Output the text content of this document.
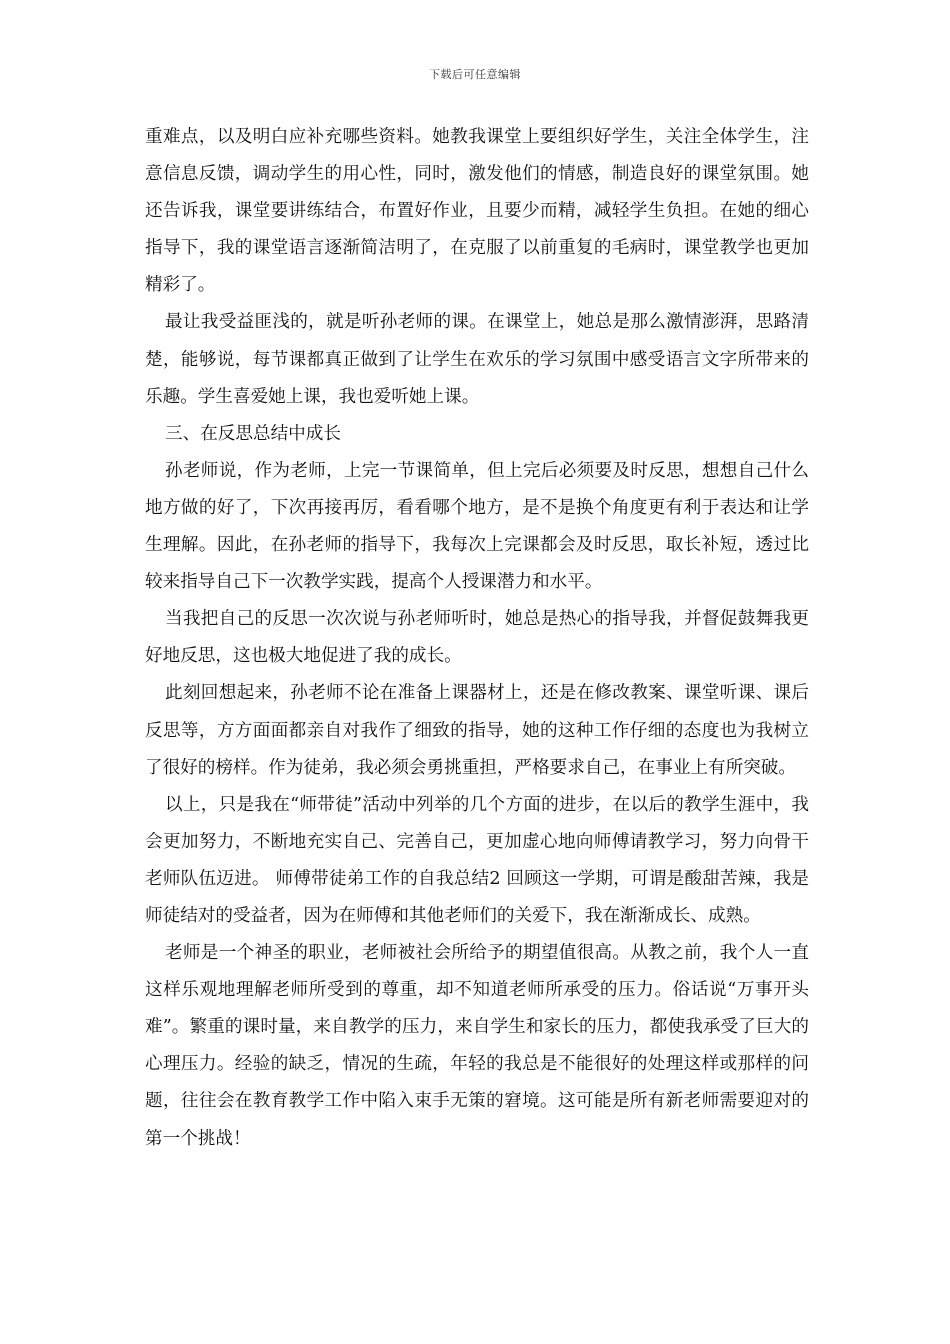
下载后可任意编辑

重难点，以及明白应补充哪些资料。她教我课堂上要组织好学生，关注全体学生，注意信息反馈，调动学生的用心性，同时，激发他们的情感，制造良好的课堂氛围。她还告诉我，课堂要讲练结合，布置好作业，且要少而精，减轻学生负担。在她的细心指导下，我的课堂语言逐渐简洁明了，在克服了以前重复的毛病时，课堂教学也更加精彩了。

最让我受益匪浅的，就是听孙老师的课。在课堂上，她总是那么激情澎湃，思路清楚，能够说，每节课都真正做到了让学生在欢乐的学习氛围中感受语言文字所带来的乐趣。学生喜爱她上课，我也爱听她上课。

三、在反思总结中成长

孙老师说，作为老师，上完一节课简单，但上完后必须要及时反思，想想自己什么地方做的好了，下次再接再厉，看看哪个地方，是不是换个角度更有利于表达和让学生理解。因此，在孙老师的指导下，我每次上完课都会及时反思，取长补短，透过比较来指导自己下一次教学实践，提高个人授课潜力和水平。

当我把自己的反思一次次说与孙老师听时，她总是热心的指导我，并督促鼓舞我更好地反思，这也极大地促进了我的成长。

此刻回想起来，孙老师不论在准备上课器材上，还是在修改教案、课堂听课、课后反思等，方方面面都亲自对我作了细致的指导，她的这种工作仔细的态度也为我树立了很好的榜样。作为徒弟，我必须会勇挑重担，严格要求自己，在事业上有所突破。

以上，只是我在“师带徒”活动中列举的几个方面的进步，在以后的教学生涯中，我会更加努力，不断地充实自己、完善自己，更加虚心地向师傅请教学习，努力向骨干老师队伍迈进。 师傅带徒弟工作的自我总结2 回顾这一学期，可谓是酸甜苦辣，我是师徒结对的受益者，因为在师傅和其他老师们的关爱下，我在渐渐成长、成熟。

老师是一个神圣的职业，老师被社会所给予的期望值很高。从教之前，我个人一直这样乐观地理解老师所受到的尊重，却不知道老师所承受的压力。俗话说“万事开头难”。繁重的课时量，来自教学的压力，来自学生和家长的压力，都使我承受了巨大的心理压力。经验的缺乏，情况的生疏，年轻的我总是不能很好的处理这样或那样的问题，往往会在教育教学工作中陷入束手无策的窘境。这可能是所有新老师需要迎对的第一个挑战！
